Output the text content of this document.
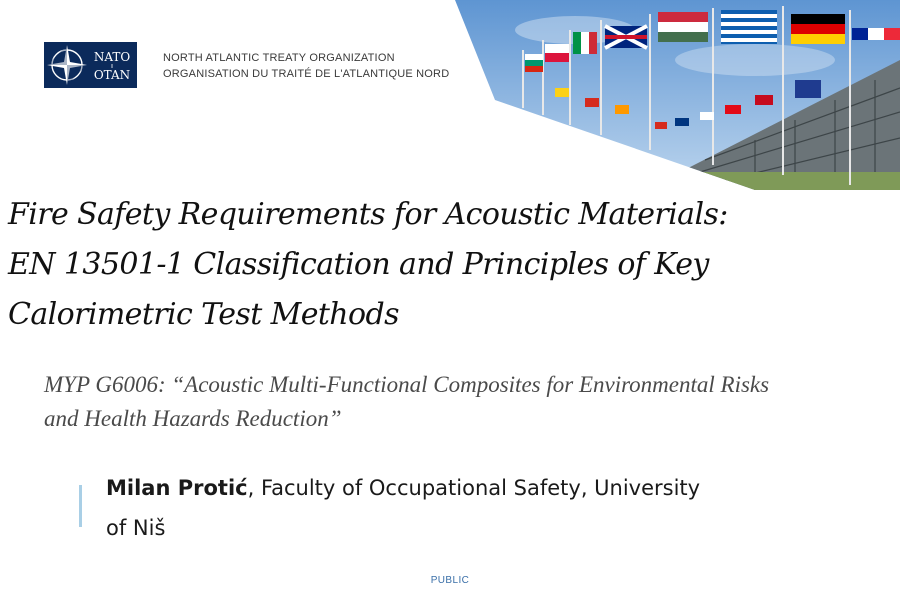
NATO
OTAN
NORTH ATLANTIC TREATY ORGANIZATION
ORGANISATION DU TRAITÉ DE L'ATLANTIQUE NORD
Fire Safety Requirements for Acoustic Materials:
EN 13501-1 Classification and Principles of Key
Calorimetric Test Methods
MYP G6006: “Acoustic Multi-Functional Composites for Environmental Risks
and Health Hazards Reduction”
Milan Protić, Faculty of Occupational Safety, University
of Niš
PUBLIC
